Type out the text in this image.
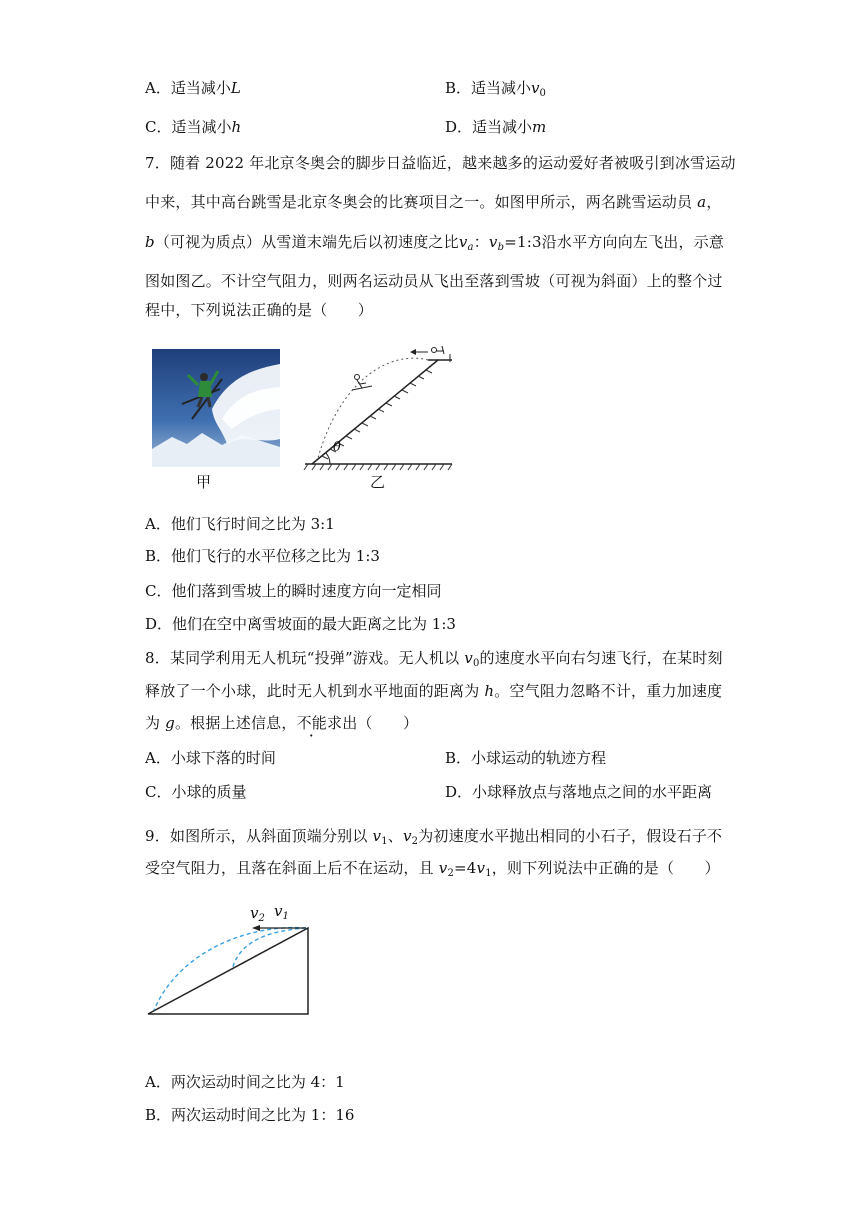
A．适当减小L	B．适当减小$v_0$
C．适当减小h	D．适当减小m
7．随着 2022 年北京冬奥会的脚步日益临近，越来越多的运动爱好者被吸引到冰雪运动
中来，其中高台跳雪是北京冬奥会的比赛项目之一。如图甲所示，两名跳雪运动员 a，
b（可视为质点）从雪道末端先后以初速度之比$v_a$：$v_b=1:3$沿水平方向向左飞出，示意
图如图乙。不计空气阻力，则两名运动员从飞出至落到雪坡（可视为斜面）上的整个过
程中，下列说法正确的是（　　）
甲
θ
乙
A．他们飞行时间之比为 3:1
B．他们飞行的水平位移之比为 1:3
C．他们落到雪坡上的瞬时速度方向一定相同
D．他们在空中离雪坡面的最大距离之比为 1:3
8．某同学利用无人机玩“投弹”游戏。无人机以 $v_0$的速度水平向右匀速飞行，在某时刻
释放了一个小球，此时无人机到水平地面的距离为 h。空气阻力忽略不计，重力加速度
为 g。根据上述信息，不能求出（　　）
A．小球下落的时间	B．小球运动的轨迹方程
C．小球的质量	D．小球释放点与落地点之间的水平距离
9．如图所示，从斜面顶端分别以 $v_1$、$v_2$为初速度水平抛出相同的小石子，假设石子不
受空气阻力，且落在斜面上后不在运动，且 $v_2=4v_1$，则下列说法中正确的是（　　）
$v_2$ $v_1$
A．两次运动时间之比为 4：1
B．两次运动时间之比为 1：16
